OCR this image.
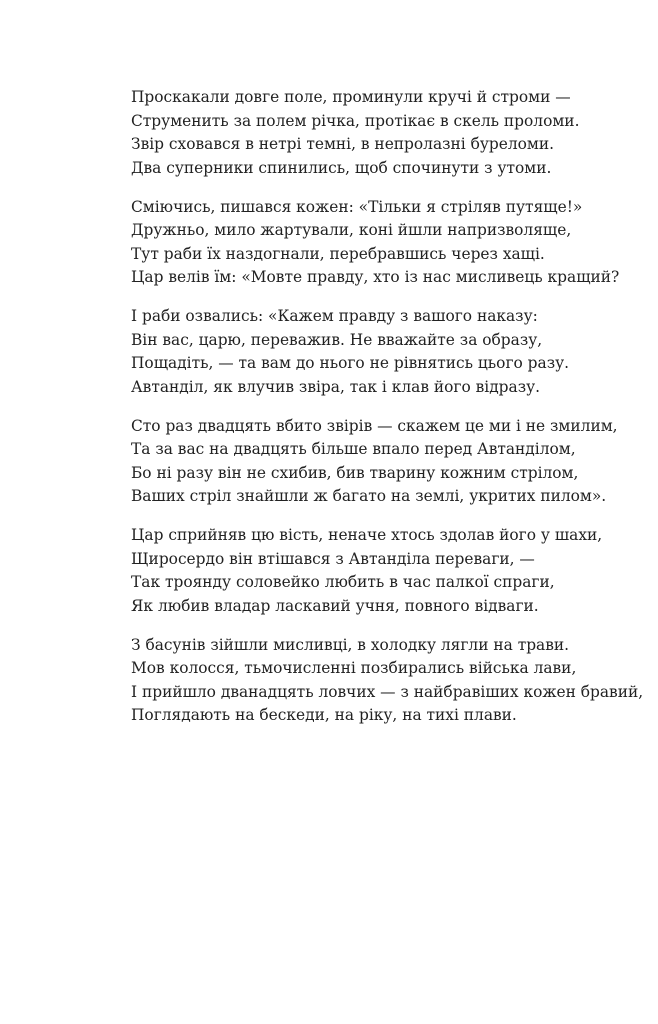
Проскакали довге поле, проминули кручі й строми —
Струменить за полем річка, протікає в скель проломи.
Звір сховався в нетрі темні, в непролазні буреломи.
Два суперники спинились, щоб спочинути з утоми.
Сміючись, пишався кожен: «Тільки я стріляв путяще!»
Дружньо, мило жартували, коні йшли напризволяще,
Тут раби їх наздогнали, перебравшись через хащі.
Цар велів їм: «Мовте правду, хто із нас мисливець кращий?
І раби озвались: «Кажем правду з вашого наказу:
Він вас, царю, переважив. Не вважайте за образу,
Пощадіть, — та вам до нього не рівнятись цього разу.
Автанділ, як влучив звіра, так і клав його відразу.
Сто раз двадцять вбито звірів — скажем це ми і не змилим,
Та за вас на двадцять більше впало перед Автанділом,
Бо ні разу він не схибив, бив тварину кожним стрілом,
Ваших стріл знайшли ж багато на землі, укритих пилом».
Цар сприйняв цю вість, неначе хтось здолав його у шахи,
Щиросердо він втішався з Автанділа переваги, —
Так троянду соловейко любить в час палкої спраги,
Як любив владар ласкавий учня, повного відваги.
З басунів зійшли мисливці, в холодку лягли на трави.
Мов колосся, тьмочисленні позбирались війська лави,
І прийшло дванадцять ловчих — з найбравіших кожен бравий,
Поглядають на бескеди, на ріку, на тихі плави.
